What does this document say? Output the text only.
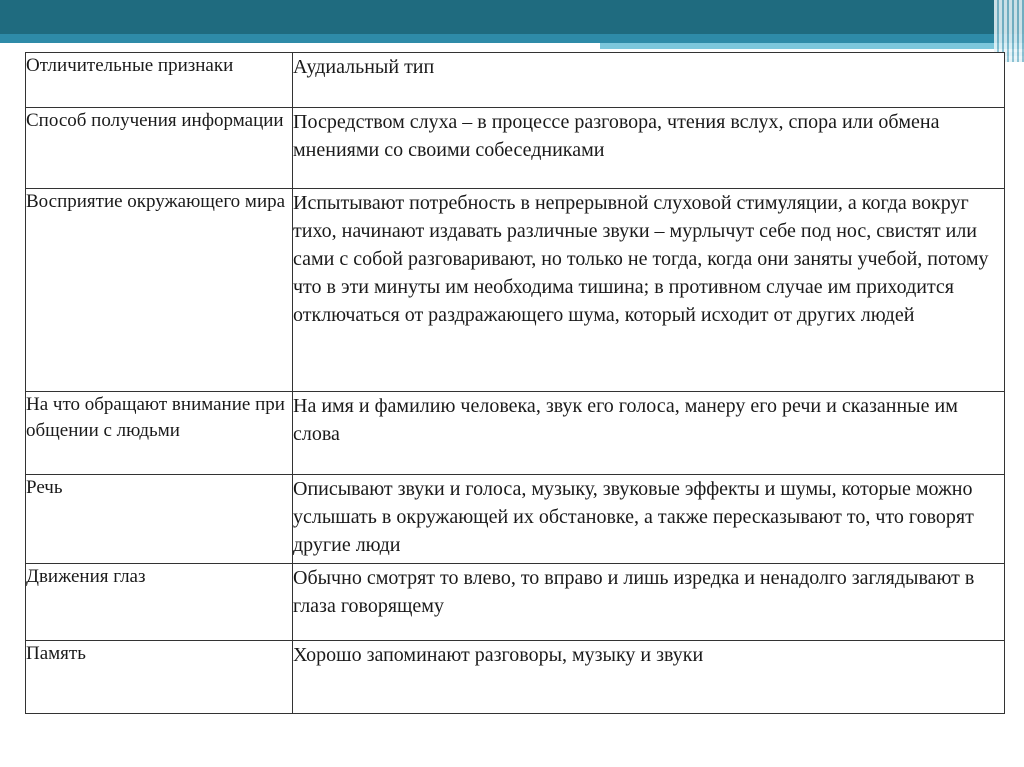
Отличительные признаки	Аудиальный тип
Способ получения информации	Посредством слуха – в процессе разговора, чтения вслух, спора или обмена мнениями со своими собеседниками
Восприятие окружающего мира	Испытывают потребность в непрерывной слуховой стимуляции, а когда вокруг тихо, начинают издавать различные звуки – мурлычут себе под нос, свистят или сами с собой разговаривают, но только не тогда, когда они заняты учебой, потому что в эти минуты им необходима тишина; в противном случае им приходится отключаться от раздражающего шума, который исходит от других людей
На что обращают внимание при общении с людьми	На имя и фамилию человека, звук его голоса, манеру его речи и сказанные им слова
Речь	Описывают звуки и голоса, музыку, звуковые эффекты и шумы, которые можно услышать в окружающей их обстановке, а также пересказывают то, что говорят другие люди
Движения глаз	Обычно смотрят то влево, то вправо и лишь изредка и ненадолго заглядывают в глаза говорящему
Память	Хорошо запоминают разговоры, музыку и звуки
